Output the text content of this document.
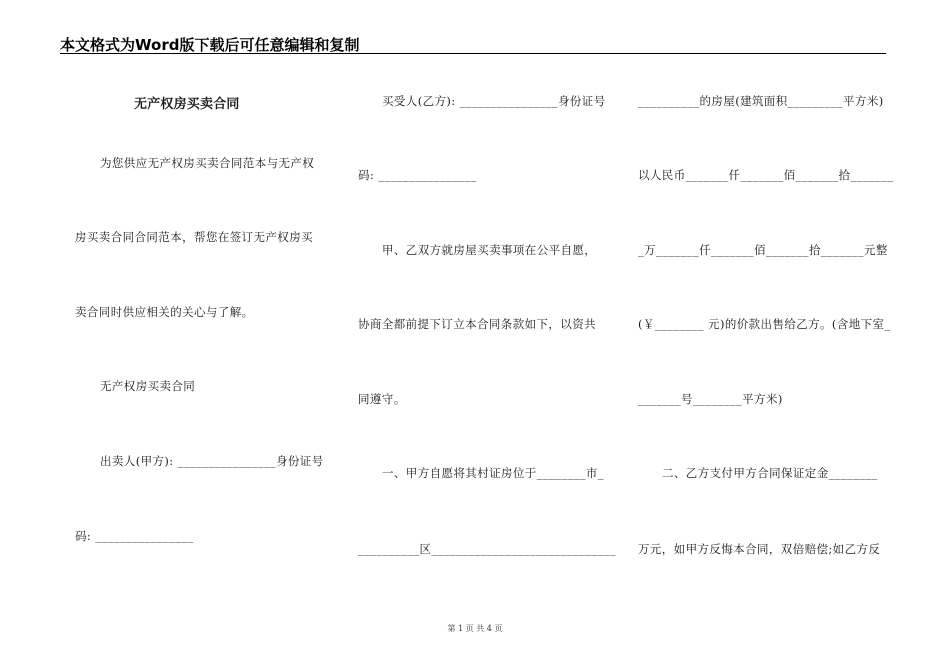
本文格式为Word版下载后可任意编辑和复制
无产权房买卖合同
为您供应无产权房买卖合同范本与无产权
房买卖合同合同范本，帮您在签订无产权房买
卖合同时供应相关的关心与了解。
无产权房买卖合同
出卖人(甲方): ________________身份证号
码: ________________
买受人(乙方): ________________身份证号
码: ________________
甲、乙双方就房屋买卖事项在公平自愿，
协商全都前提下订立本合同条款如下，以资共
同遵守。
一、甲方自愿将其村证房位于________市_
__________区______________________________
__________的房屋(建筑面积_________平方米)
以人民币_______仟_______佰_______拾_______
_万_______仟_______佰_______拾_______元整
(￥________ 元)的价款出售给乙方。(含地下室_
_______号________平方米)
二、乙方支付甲方合同保证定金________
万元，如甲方反悔本合同，双倍赔偿;如乙方反
第 1 页 共 4 页
